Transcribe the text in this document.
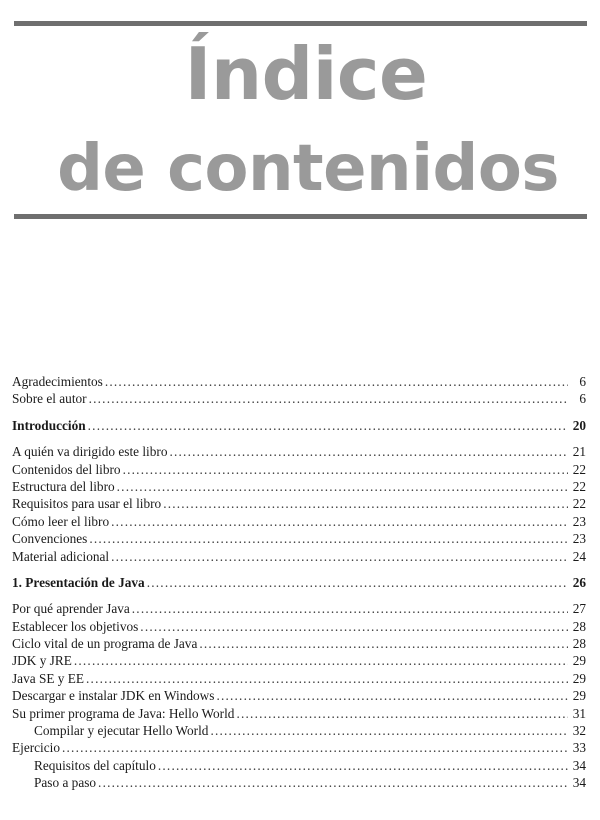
Índice
de contenidos
Agradecimientos .....	6
Sobre el autor .....	6
Introducción .....	20
A quién va dirigido este libro .....	21
Contenidos del libro .....	22
Estructura del libro .....	22
Requisitos para usar el libro .....	22
Cómo leer el libro .....	23
Convenciones .....	23
Material adicional .....	24
1. Presentación de Java .....	26
Por qué aprender Java .....	27
Establecer los objetivos .....	28
Ciclo vital de un programa de Java .....	28
JDK y JRE .....	29
Java SE y EE .....	29
Descargar e instalar JDK en Windows .....	29
Su primer programa de Java: Hello World .....	31
Compilar y ejecutar Hello World .....	32
Ejercicio .....	33
Requisitos del capítulo .....	34
Paso a paso .....	34
